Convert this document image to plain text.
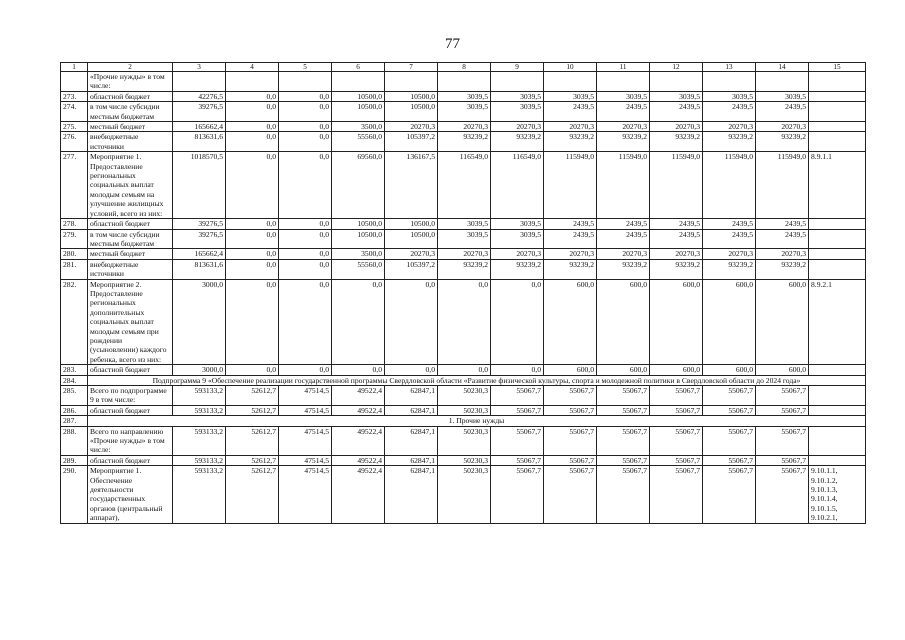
77
1	2	3	4	5	6	7	8	9	10	11	12	13	14	15
	«Прочие нужды» в том числе:													
273.	областной бюджет	42276,5	0,0	0,0	10500,0	10500,0	3039,5	3039,5	3039,5	3039,5	3039,5	3039,5	3039,5	
274.	в том числе субсидии местным бюджетам	39276,5	0,0	0,0	10500,0	10500,0	3039,5	3039,5	2439,5	2439,5	2439,5	2439,5	2439,5	
275.	местный бюджет	165662,4	0,0	0,0	3500,0	20270,3	20270,3	20270,3	20270,3	20270,3	20270,3	20270,3	20270,3	
276.	внебюджетные источники	813631,6	0,0	0,0	55560,0	105397,2	93239,2	93239,2	93239,2	93239,2	93239,2	93239,2	93239,2	
277.	Мероприятие 1. Предоставление региональных социальных выплат молодым семьям на улучшение жилищных условий, всего из них:	1018570,5	0,0	0,0	69560,0	136167,5	116549,0	116549,0	115949,0	115949,0	115949,0	115949,0	115949,0	8.9.1.1
278.	областной бюджет	39276,5	0,0	0,0	10500,0	10500,0	3039,5	3039,5	2439,5	2439,5	2439,5	2439,5	2439,5	
279.	в том числе субсидии местным бюджетам	39276,5	0,0	0,0	10500,0	10500,0	3039,5	3039,5	2439,5	2439,5	2439,5	2439,5	2439,5	
280.	местный бюджет	165662,4	0,0	0,0	3500,0	20270,3	20270,3	20270,3	20270,3	20270,3	20270,3	20270,3	20270,3	
281.	внебюджетные источники	813631,6	0,0	0,0	55560,0	105397,2	93239,2	93239,2	93239,2	93239,2	93239,2	93239,2	93239,2	
282.	Мероприятие 2. Предоставление региональных дополнительных социальных выплат молодым семьям при рождении (усыновлении) каждого ребенка, всего из них:	3000,0	0,0	0,0	0,0	0,0	0,0	0,0	600,0	600,0	600,0	600,0	600,0	8.9.2.1
283.	областной бюджет	3000,0	0,0	0,0	0,0	0,0	0,0	0,0	600,0	600,0	600,0	600,0	600,0	
284.	Подпрограмма 9 «Обеспечение реализации государственной программы Свердловской области «Развитие физической культуры, спорта и молодежной политики в Свердловской области до 2024 года»													
285.	Всего по подпрограмме 9 в том числе:	593133,2	52612,7	47514,5	49522,4	62847,1	50230,3	55067,7	55067,7	55067,7	55067,7	55067,7	55067,7	
286.	областной бюджет	593133,2	52612,7	47514,5	49522,4	62847,1	50230,3	55067,7	55067,7	55067,7	55067,7	55067,7	55067,7	
287.	1. Прочие нужды													
288.	Всего по направлению «Прочие нужды» в том числе:	593133,2	52612,7	47514,5	49522,4	62847,1	50230,3	55067,7	55067,7	55067,7	55067,7	55067,7	55067,7	
289.	областной бюджет	593133,2	52612,7	47514,5	49522,4	62847,1	50230,3	55067,7	55067,7	55067,7	55067,7	55067,7	55067,7	
290.	Мероприятие 1. Обеспечение деятельности государственных органов (центральный аппарат),	593133,2	52612,7	47514,5	49522,4	62847,1	50230,3	55067,7	55067,7	55067,7	55067,7	55067,7	55067,7	9.10.1.1, 9.10.1.2, 9.10.1.3, 9.10.1.4, 9.10.1.5, 9.10.2.1,
